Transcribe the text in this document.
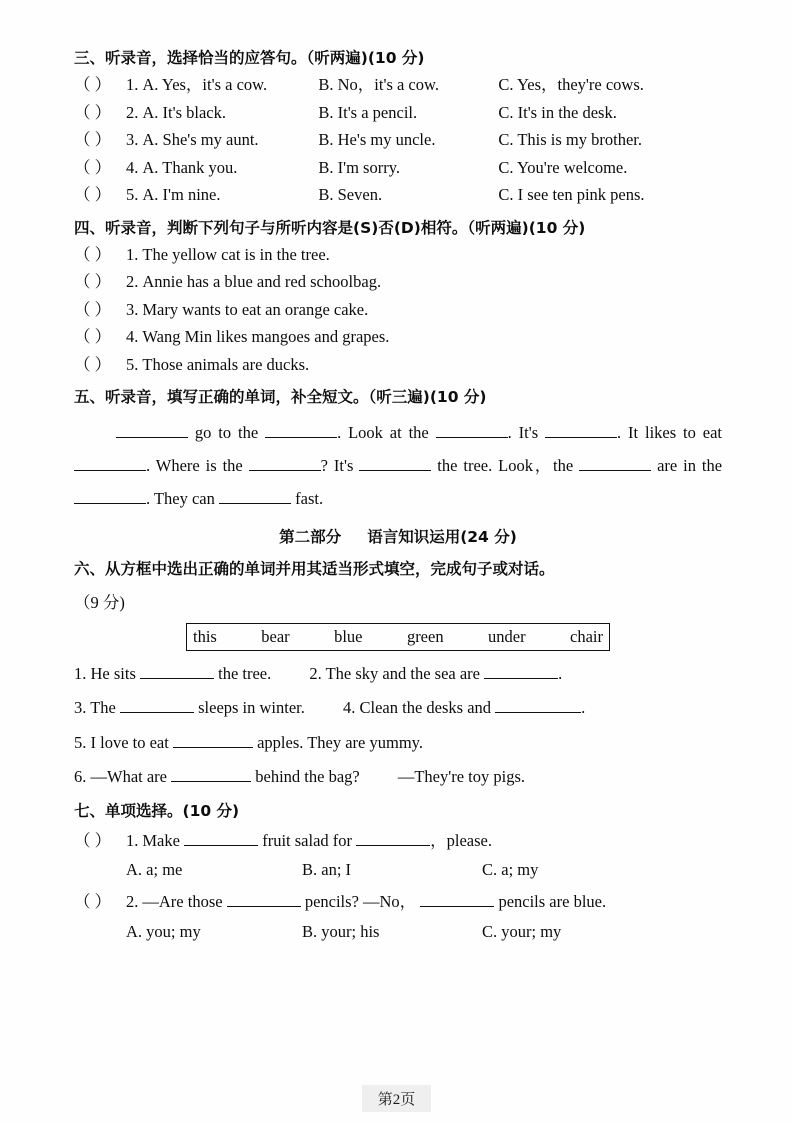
三、听录音，选择恰当的应答句。（听两遍)(10 分)
（ ） 1. A. Yes，it's a cow.	B. No，it's a cow.	C. Yes，they're cows.
（ ） 2. A. It's black.	B. It's a pencil.	C. It's in the desk.
（ ） 3. A. She's my aunt.	B. He's my uncle.	C. This is my brother.
（ ） 4. A. Thank you.	B. I'm sorry.	C. You're welcome.
（ ） 5. A. I'm nine.	B. Seven.	C. I see ten pink pens.
四、听录音，判断下列句子与所听内容是(S)否(D)相符。（听两遍)(10 分)
（ ） 1. The yellow cat is in the tree.
（ ） 2. Annie has a blue and red schoolbag.
（ ） 3. Mary wants to eat an orange cake.
（ ） 4. Wang Min likes mangoes and grapes.
（ ） 5. Those animals are ducks.
五、听录音，填写正确的单词，补全短文。（听三遍)(10 分)
go to the	. Look at the	. It's	. It likes to eat . Where is the	? It's	the tree. Look，the	are in the . They can	fast.
第二部分 语言知识运用(24 分)
六、从方框中选出正确的单词并用其适当形式填空，完成句子或对话。
（9 分)
this	bear	blue	green	under	chair
1. He sits	the tree. 2. The sky and the sea are	.
3. The	sleeps in winter. 4. Clean the desks and	.
5. I love to eat	apples. They are yummy.
6. —What are	behind the bag? —They're toy pigs.
七、单项选择。(10 分)
（ ） 1. Make	fruit salad for	，please.
A. a; me	B. an; I	C. a; my
（ ） 2. —Are those	pencils? —No，	pencils are blue.
A. you; my	B. your; his	C. your; my
第2页
